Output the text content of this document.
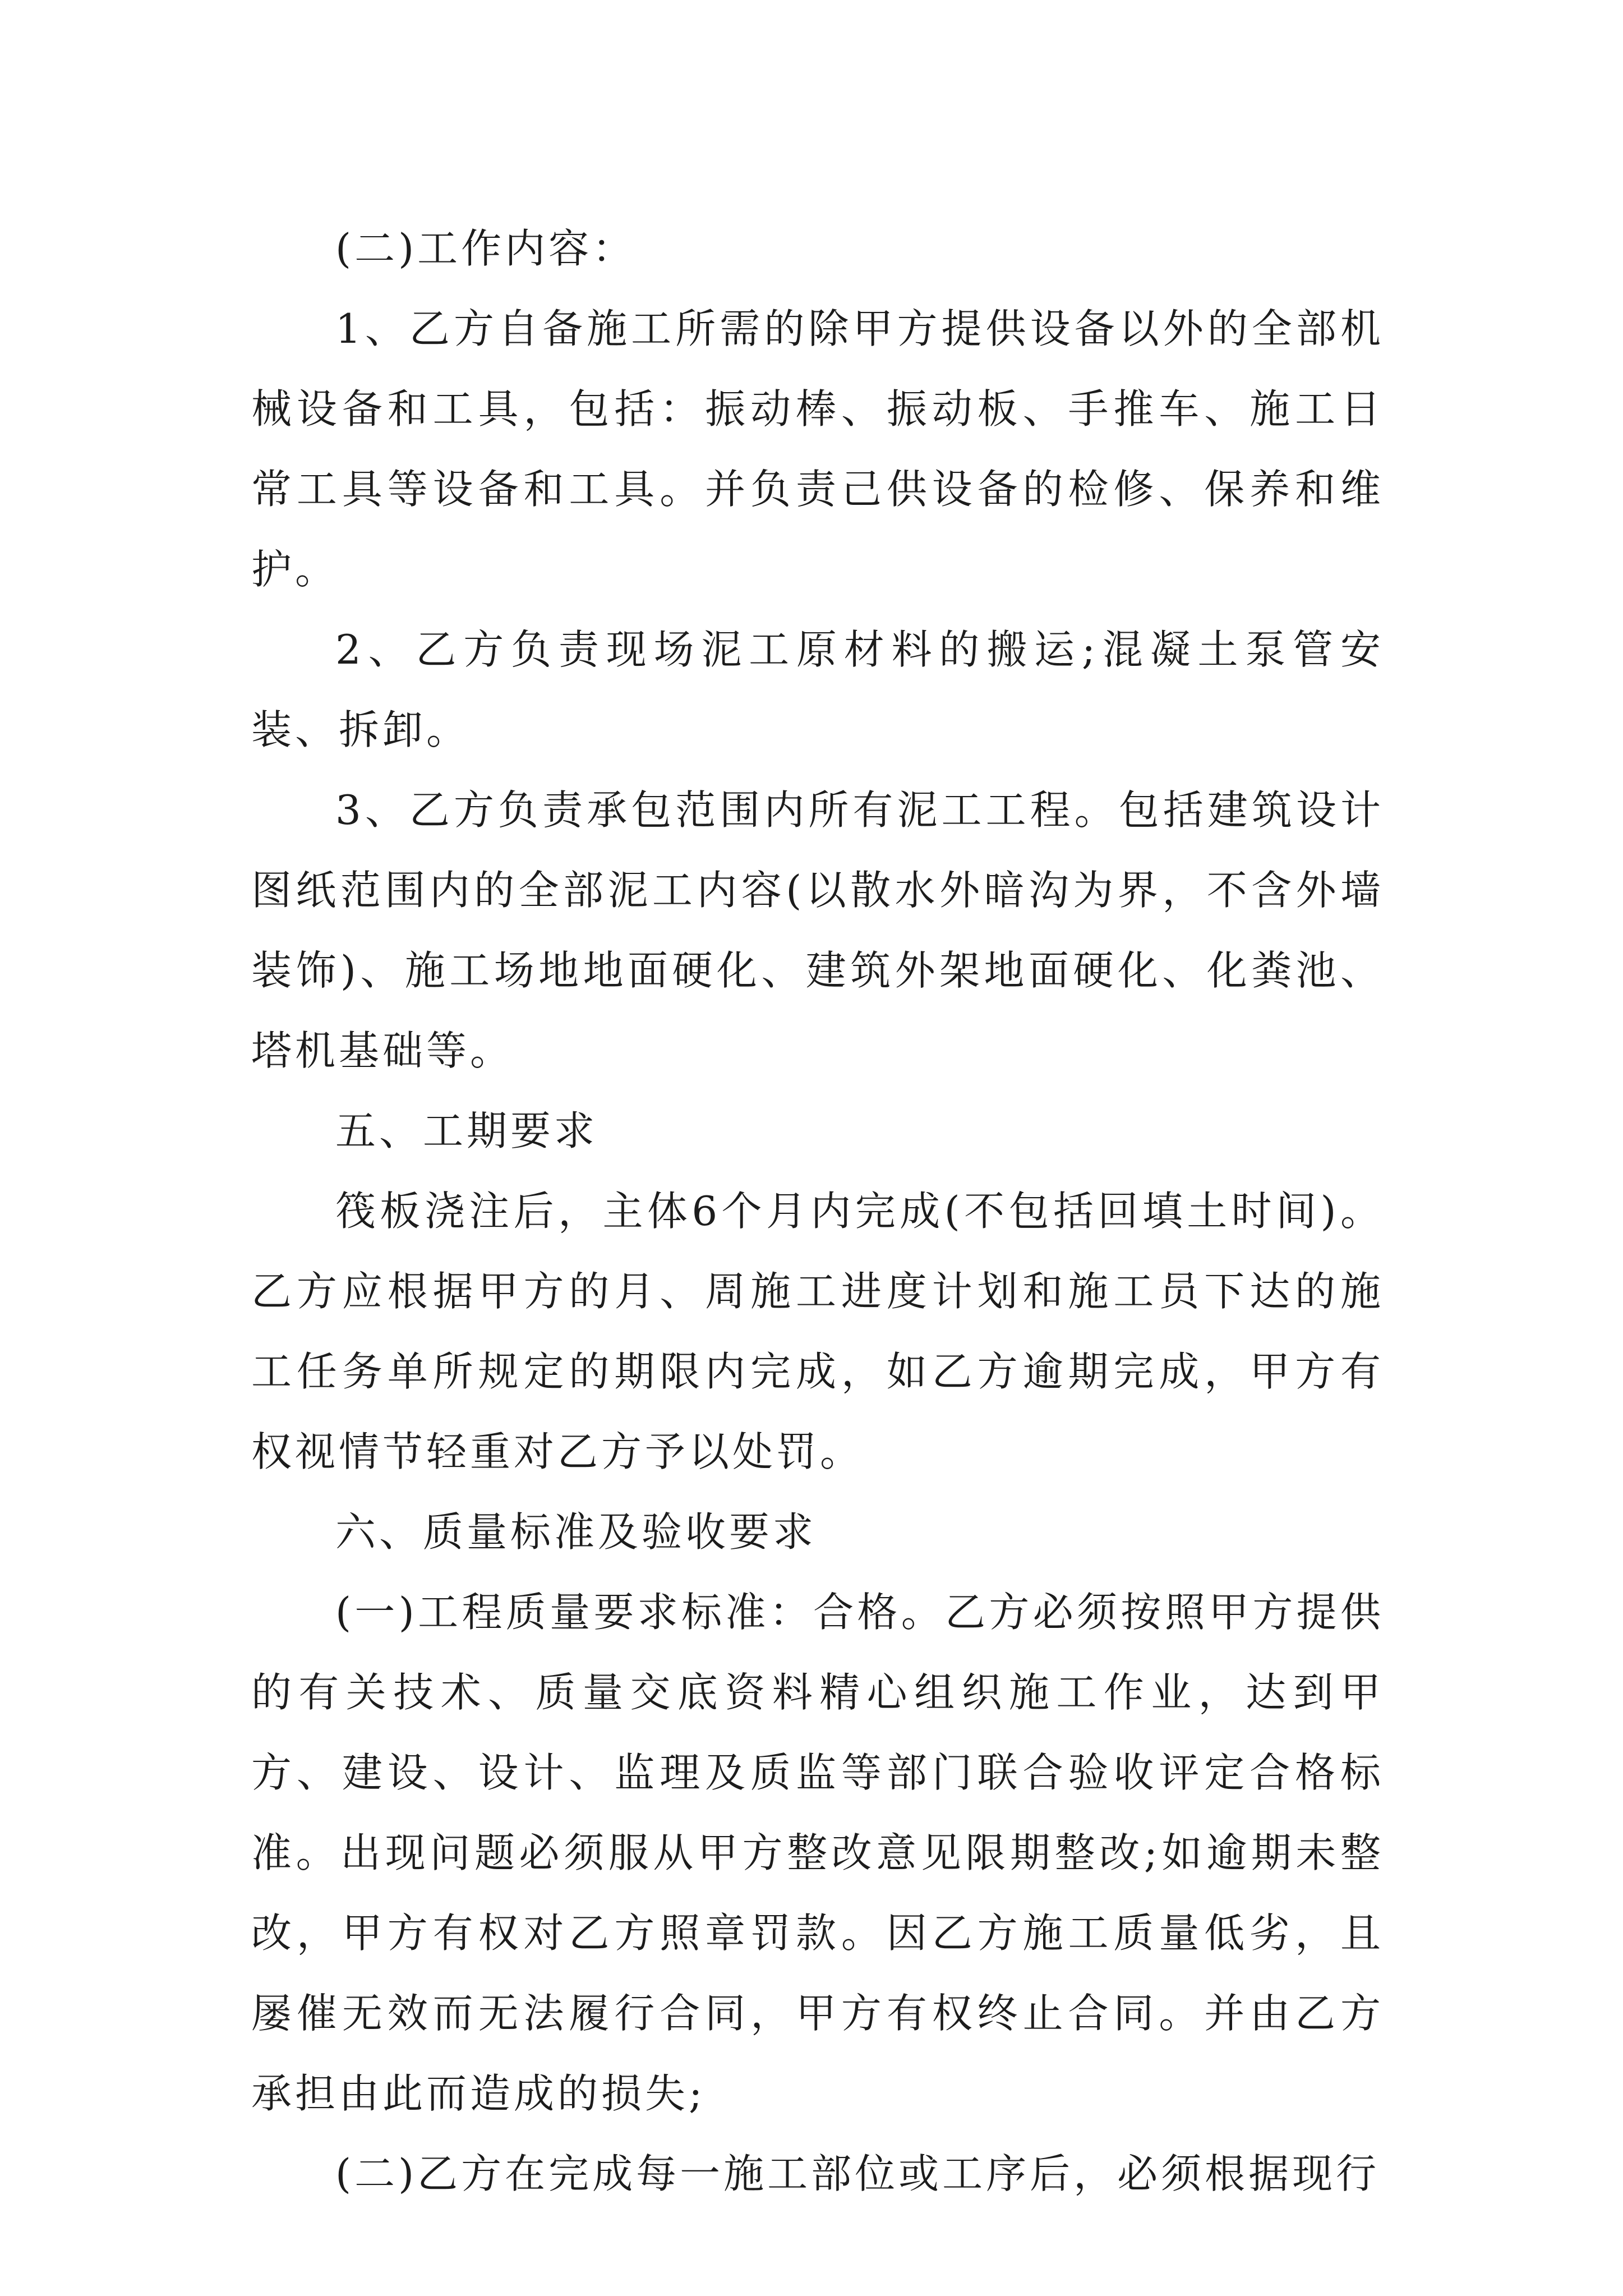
(二)工作内容：

1、乙方自备施工所需的除甲方提供设备以外的全部机械设备和工具，包括：振动棒、振动板、手推车、施工日常工具等设备和工具。并负责己供设备的检修、保养和维护。

2、乙方负责现场泥工原材料的搬运;混凝土泵管安装、拆卸。

3、乙方负责承包范围内所有泥工工程。包括建筑设计图纸范围内的全部泥工内容(以散水外暗沟为界，不含外墙装饰)、施工场地地面硬化、建筑外架地面硬化、化粪池、塔机基础等。

五、工期要求

筏板浇注后，主体6个月内完成(不包括回填土时间)。乙方应根据甲方的月、周施工进度计划和施工员下达的施工任务单所规定的期限内完成，如乙方逾期完成，甲方有权视情节轻重对乙方予以处罚。

六、质量标准及验收要求

(一)工程质量要求标准：合格。乙方必须按照甲方提供的有关技术、质量交底资料精心组织施工作业，达到甲方、建设、设计、监理及质监等部门联合验收评定合格标准。出现问题必须服从甲方整改意见限期整改;如逾期未整改，甲方有权对乙方照章罚款。因乙方施工质量低劣，且屡催无效而无法履行合同，甲方有权终止合同。并由乙方承担由此而造成的损失;

(二)乙方在完成每一施工部位或工序后，必须根据现行
